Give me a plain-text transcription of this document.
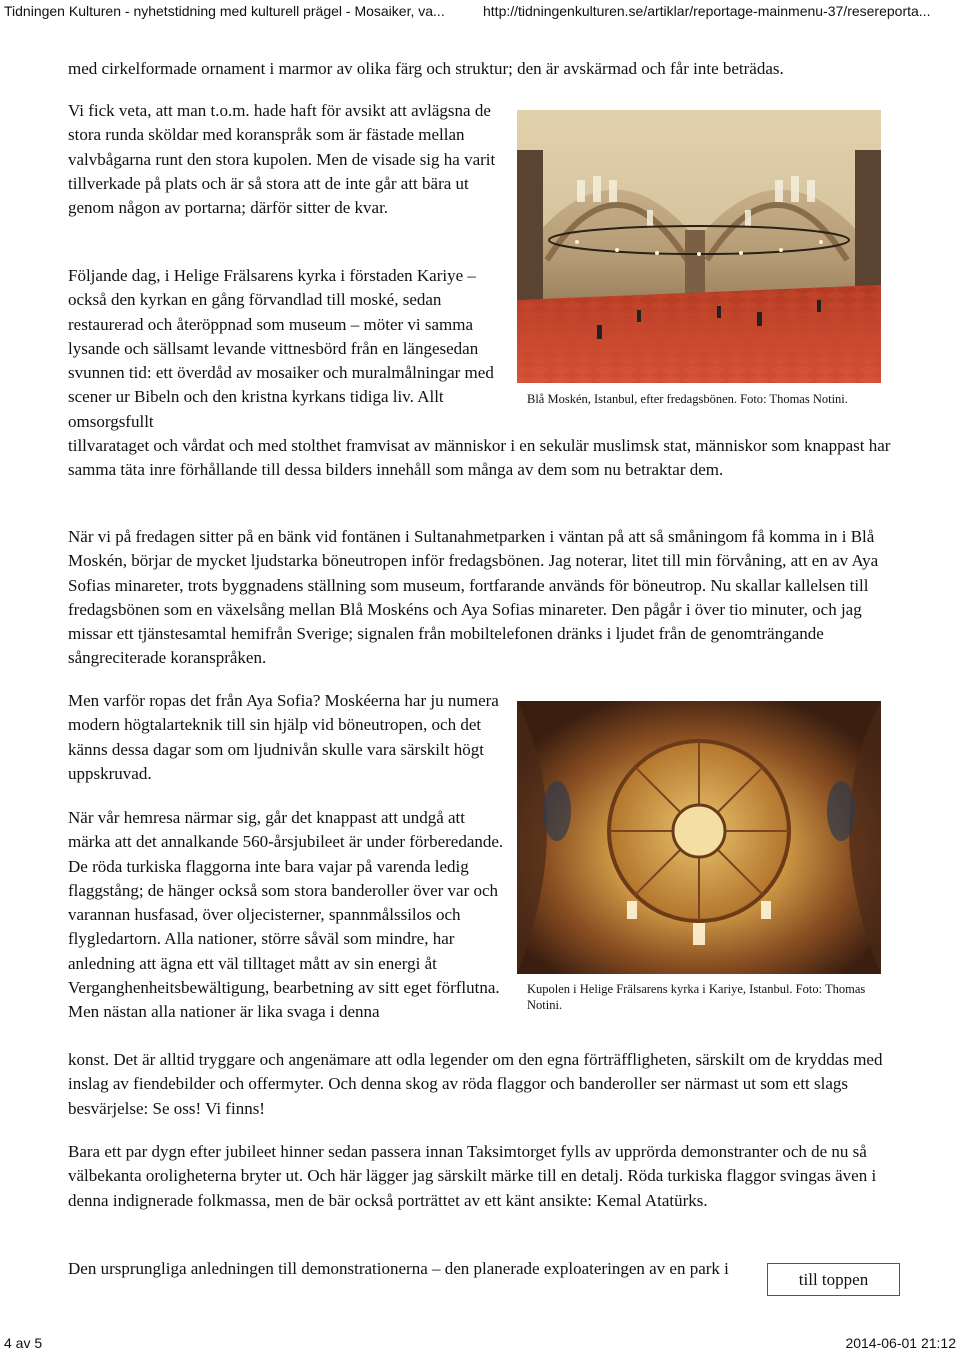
Tidningen Kulturen - nyhetstidning med kulturell prägel - Mosaiker, va...	http://tidningenkulturen.se/artiklar/reportage-mainmenu-37/resereporta...

med cirkelformade ornament i marmor av olika färg och struktur; den är avskärmad och får inte beträdas.

Vi fick veta, att man t.o.m. hade haft för avsikt att avlägsna de stora runda sköldar med koranspråk som är fästade mellan valvbågarna runt den stora kupolen. Men de visade sig ha varit tillverkade på plats och är så stora att de inte går att bära ut genom någon av portarna; därför sitter de kvar.

Följande dag, i Helige Frälsarens kyrka i förstaden Kariye – också den kyrkan en gång förvandlad till moské, sedan restaurerad och återöppnad som museum – möter vi samma lysande och sällsamt levande vittnesbörd från en längesedan svunnen tid: ett överdåd av mosaiker och muralmålningar med scener ur Bibeln och den kristna kyrkans tidiga liv. Allt omsorgsfullt

tillvarataget och vårdat och med stolthet framvisat av människor i en sekulär muslimsk stat, människor som knappast har samma täta inre förhållande till dessa bilders innehåll som många av dem som nu betraktar dem.

När vi på fredagen sitter på en bänk vid fontänen i Sultanahmetparken i väntan på att så småningom få komma in i Blå Moskén, börjar de mycket ljudstarka böneutropen inför fredagsbönen. Jag noterar, litet till min förvåning, att en av Aya Sofias minareter, trots byggnadens ställning som museum, fortfarande används för böneutrop. Nu skallar kallelsen till fredagsbönen som en växelsång mellan Blå Moskéns och Aya Sofias minareter. Den pågår i över tio minuter, och jag missar ett tjänstesamtal hemifrån Sverige; signalen från mobiltelefonen dränks i ljudet från de genomträngande sångreciterade koranspråken.

Men varför ropas det från Aya Sofia? Moskéerna har ju numera modern högtalarteknik till sin hjälp vid böneutropen, och det känns dessa dagar som om ljudnivån skulle vara särskilt högt uppskruvad.

När vår hemresa närmar sig, går det knappast att undgå att märka att det annalkande 560-årsjubileet är under förberedande. De röda turkiska flaggorna inte bara vajar på varenda ledig flaggstång; de hänger också som stora banderoller över var och varannan husfasad, över oljecisterner, spannmålssilos och flygledartorn. Alla nationer, större såväl som mindre, har anledning att ägna ett väl tilltaget mått av sin energi åt Verganghenheitsbewältigung, bearbetning av sitt eget förflutna. Men nästan alla nationer är lika svaga i denna

konst. Det är alltid tryggare och angenämare att odla legender om den egna förträffligheten, särskilt om de kryddas med inslag av fiendebilder och offermyter. Och denna skog av röda flaggor och banderoller ser närmast ut som ett slags besvärjelse: Se oss! Vi finns!

Bara ett par dygn efter jubileet hinner sedan passera innan Taksimtorget fylls av upprörda demonstranter och de nu så välbekanta oroligheterna bryter ut. Och här lägger jag särskilt märke till en detalj. Röda turkiska flaggor svingas även i denna indignerade folkmassa, men de bär också porträttet av ett känt ansikte: Kemal Atatürks.

Den ursprungliga anledningen till demonstrationerna – den planerade exploateringen av en park i

Blå Moskén, Istanbul, efter fredagsbönen. Foto: Thomas Notini.
Kupolen i Helige Frälsarens kyrka i Kariye, Istanbul. Foto: Thomas Notini.
till toppen
4 av 5	2014-06-01 21:12
